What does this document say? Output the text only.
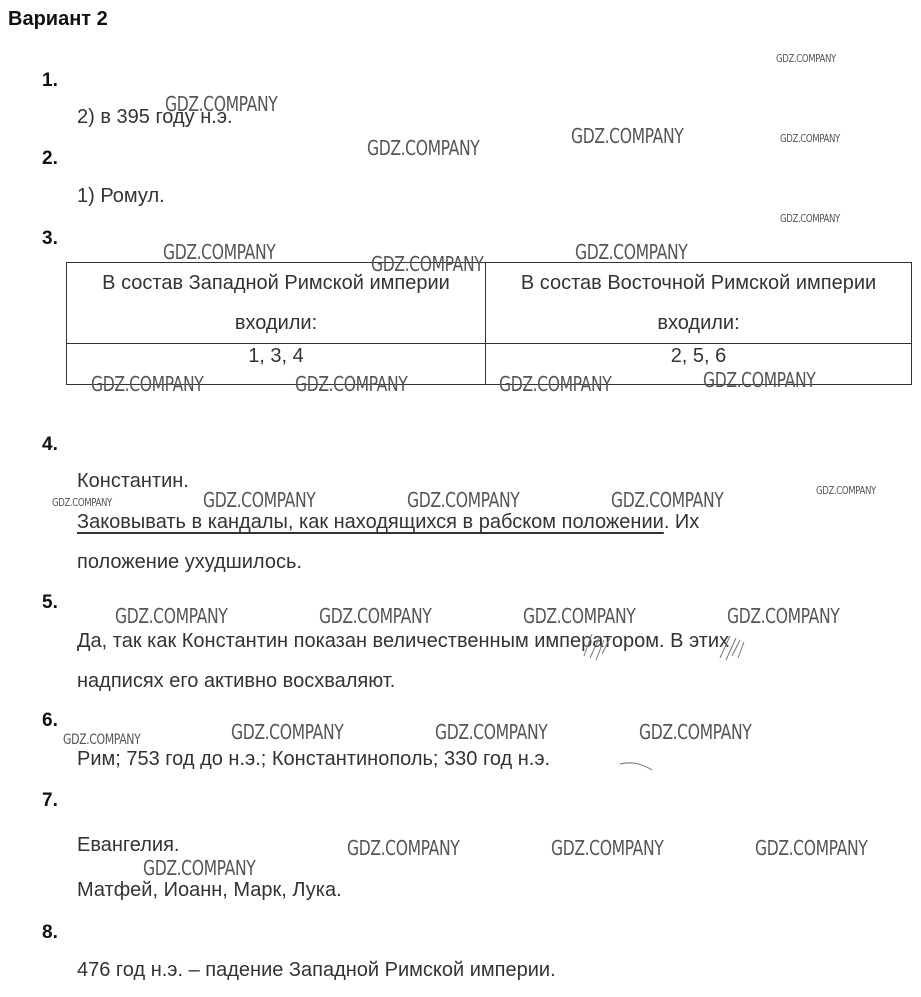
Вариант 2
1.
2) в 395 году н.э.
2.
1) Ромул.
3.
В состав Западной Римской империи входили:	В состав Восточной Римской империи входили:
1, 3, 4	2, 5, 6
4.
Константин.
Заковывать в кандалы, как находящихся в рабском положении. Их
положение ухудшилось.
5.
Да, так как Константин показан величественным императором. В этих
надписях его активно восхваляют.
6.
Рим; 753 год до н.э.; Константинополь; 330 год н.э.
7.
Евангелия.
Матфей, Иоанн, Марк, Лука.
8.
476 год н.э. – падение Западной Римской империи.
GDZ.COMPANY
GDZ.COMPANY
GDZ.COMPANY	GDZ.COMPANY	GDZ.COMPANY
GDZ.COMPANY
GDZ.COMPANY	GDZ.COMPANY	GDZ.COMPANY
GDZ.COMPANY	GDZ.COMPANY	GDZ.COMPANY	GDZ.COMPANY
GDZ.COMPANY	GDZ.COMPANY	GDZ.COMPANY	GDZ.COMPANY	GDZ.COMPANY
GDZ.COMPANY	GDZ.COMPANY	GDZ.COMPANY	GDZ.COMPANY
GDZ.COMPANY	GDZ.COMPANY	GDZ.COMPANY	GDZ.COMPANY
GDZ.COMPANY	GDZ.COMPANY	GDZ.COMPANY
GDZ.COMPANY
